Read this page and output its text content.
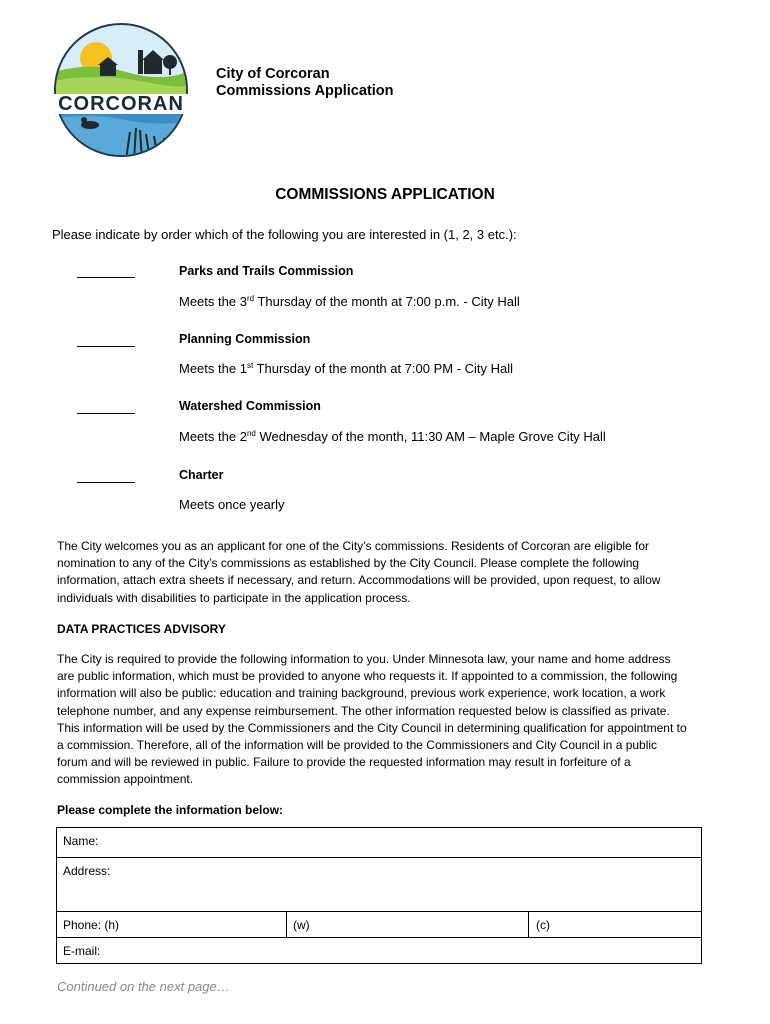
CORCORAN
City of Corcoran
Commissions Application
COMMISSIONS APPLICATION
Please indicate by order which of the following you are interested in (1, 2, 3 etc.):
Parks and Trails Commission
Meets the 3rd Thursday of the month at 7:00 p.m. - City Hall
Planning Commission
Meets the 1st Thursday of the month at 7:00 PM - City Hall
Watershed Commission
Meets the 2nd Wednesday of the month, 11:30 AM – Maple Grove City Hall
Charter
Meets once yearly
The City welcomes you as an applicant for one of the City’s commissions. Residents of Corcoran are eligible for nomination to any of the City’s commissions as established by the City Council. Please complete the following information, attach extra sheets if necessary, and return. Accommodations will be provided, upon request, to allow individuals with disabilities to participate in the application process.
DATA PRACTICES ADVISORY
The City is required to provide the following information to you. Under Minnesota law, your name and home address are public information, which must be provided to anyone who requests it. If appointed to a commission, the following information will also be public: education and training background, previous work experience, work location, a work telephone number, and any expense reimbursement. The other information requested below is classified as private. This information will be used by the Commissioners and the City Council in determining qualification for appointment to a commission. Therefore, all of the information will be provided to the Commissioners and City Council in a public forum and will be reviewed in public. Failure to provide the requested information may result in forfeiture of a commission appointment.
Please complete the information below:
Name:
Address:
Phone: (h)	(w)	(c)
E-mail:
Continued on the next page…
